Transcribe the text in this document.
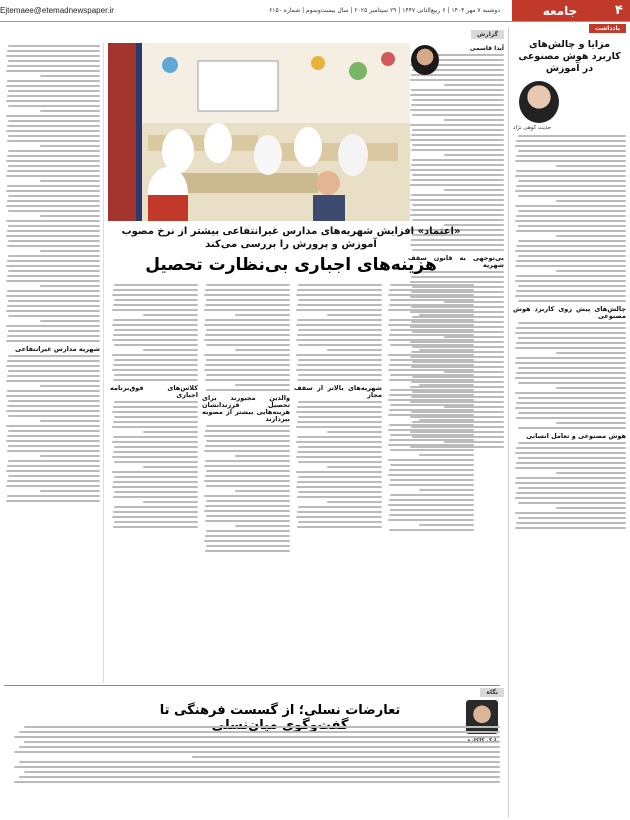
۴
جامعه
دوشنبه ۷ مهر ۱۴۰۴ | ۶ ربیع‌الثانی ۱۴۴۷ | ۲۹ سپتامبر ۲۰۲۵ | سال بیست‌وسوم | شماره ۶۱۵۰
Ejtemaee@etemadnewspaper.ir
یادداشت
مزایا و چالش‌های کاربرد هوش مصنوعی در آموزش
حدیث کوهی نژاد
چالش‌های پیش روی کاربرد هوش مصنوعی
هوش مصنوعی و تعامل انسانی
گزارش
آیدا قاسمی
بی‌توجهی به قانون سقف شهریه
«اعتماد» افزایش شهریه‌های مدارس غیرانتفاعی بیشتر از نرخ مصوب آموزش و پرورش را بررسی می‌کند
هزینه‌های اجباری بی‌نظارت تحصیل
شهریه مدارس غیرانتفاعی
کلاس‌های فوق‌برنامه اجباری والدین مجبورند برای تحصیل فرزندانشان هزینه‌هایی بیشتر از مصوبه بپردازند
شهریه‌های بالاتر از سقف مجاز
نگاه
تعارضات نسلی؛ از گسست فرهنگی تا
